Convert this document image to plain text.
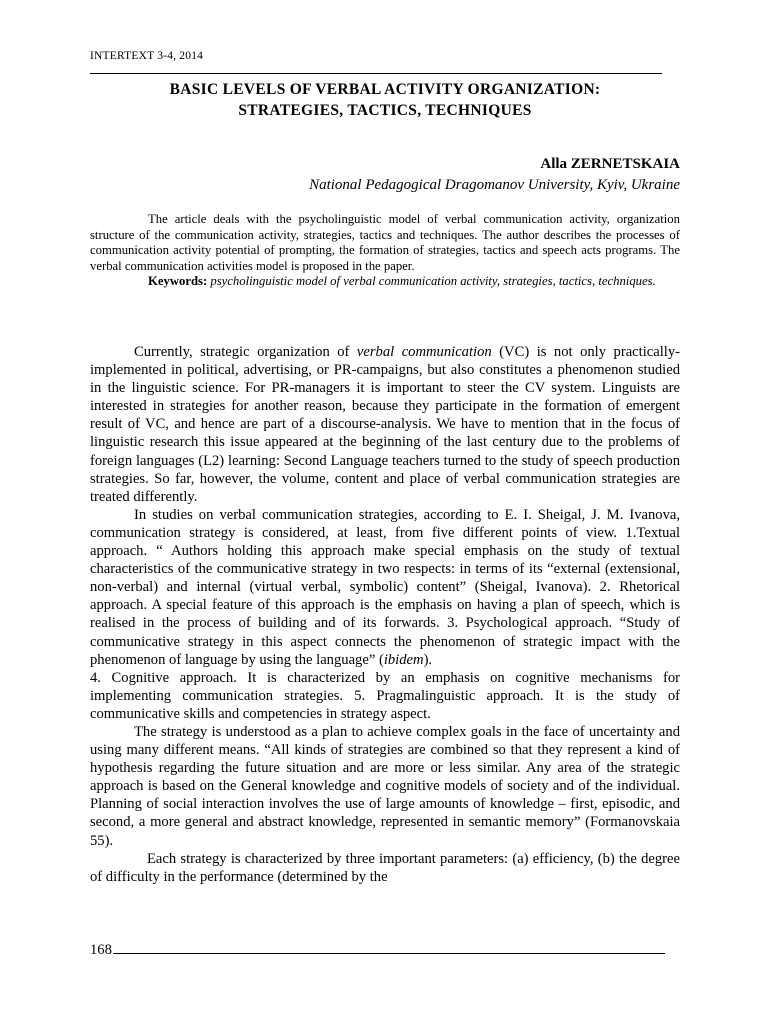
INTERTEXT 3-4, 2014
BASIC LEVELS OF VERBAL ACTIVITY ORGANIZATION:
STRATEGIES, TACTICS, TECHNIQUES
Alla ZERNETSKAIA
National Pedagogical Dragomanov University, Kyiv, Ukraine

The article deals with the psycholinguistic model of verbal communication activity, organization structure of the communication activity, strategies, tactics and techniques. The author describes the processes of communication activity potential of prompting, the formation of strategies, tactics and speech acts programs. The verbal communication activities model is proposed in the paper.

Keywords: psycholinguistic model of verbal communication activity, strategies, tactics, techniques.

Currently, strategic organization of verbal communication (VC) is not only practically-implemented in political, advertising, or PR-campaigns, but also constitutes a phenomenon studied in the linguistic science. For PR-managers it is important to steer the CV system. Linguists are interested in strategies for another reason, because they participate in the formation of emergent result of VC, and hence are part of a discourse-analysis. We have to mention that in the focus of linguistic research this issue appeared at the beginning of the last century due to the problems of foreign languages (L2) learning: Second Language teachers turned to the study of speech production strategies. So far, however, the volume, content and place of verbal communication strategies are treated differently.

In studies on verbal communication strategies, according to E. I. Sheigal, J. M. Ivanova, communication strategy is considered, at least, from five different points of view. 1.Textual approach. “ Authors holding this approach make special emphasis on the study of textual characteristics of the communicative strategy in two respects: in terms of its “external (extensional, non-verbal) and internal (virtual verbal, symbolic) content” (Sheigal, Ivanova). 2. Rhetorical approach. A special feature of this approach is the emphasis on having a plan of speech, which is realised in the process of building and of its forwards. 3. Psychological approach. “Study of communicative strategy in this aspect connects the phenomenon of strategic impact with the phenomenon of language by using the language” (ibidem).

4. Cognitive approach. It is characterized by an emphasis on cognitive mechanisms for implementing communication strategies. 5. Pragmalinguistic approach. It is the study of communicative skills and competencies in strategy aspect.

The strategy is understood as a plan to achieve complex goals in the face of uncertainty and using many different means. “All kinds of strategies are combined so that they represent a kind of hypothesis regarding the future situation and are more or less similar. Any area of the strategic approach is based on the General knowledge and cognitive models of society and of the individual. Planning of social interaction involves the use of large amounts of knowledge – first, episodic, and second, a more general and abstract knowledge, represented in semantic memory” (Formanovskaia 55).

Each strategy is characterized by three important parameters: (a) efficiency, (b) the degree of difficulty in the performance (determined by the

168
